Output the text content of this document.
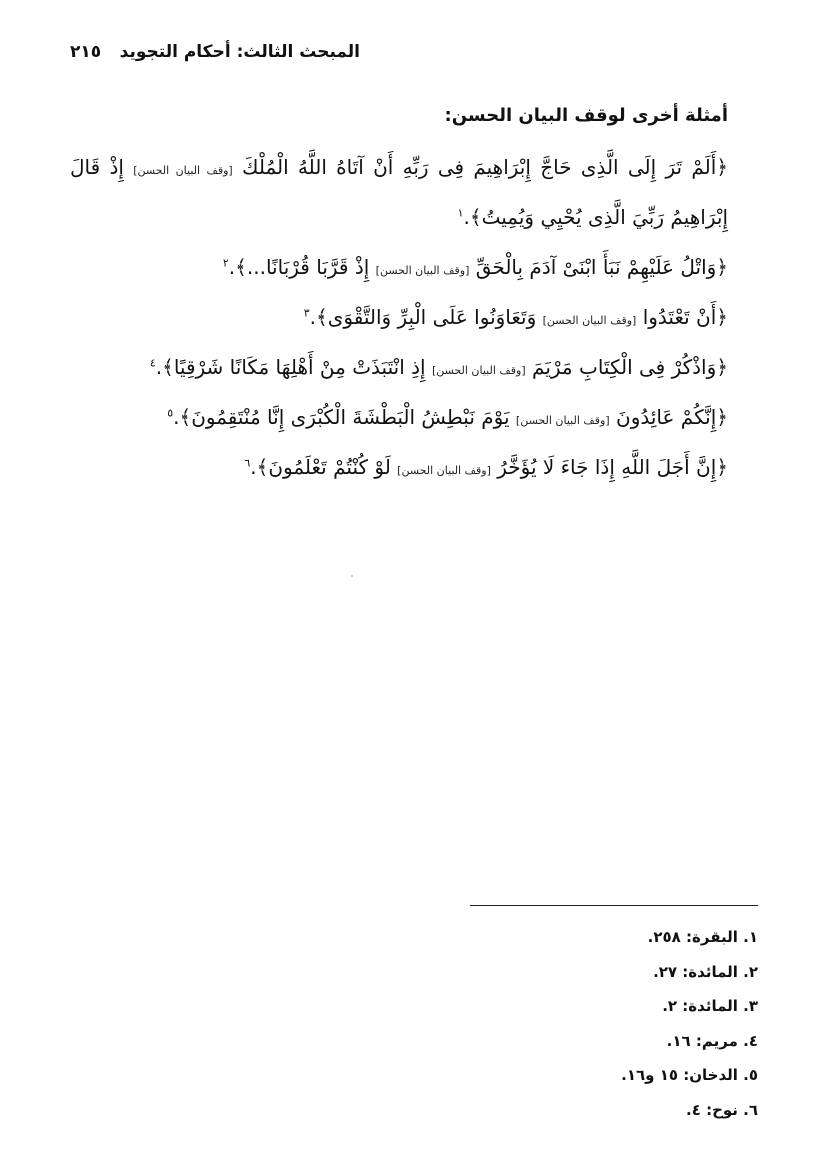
المبحث الثالث: أحكام التجويد
٢١٥

أمثلة أخرى لوقف البيان الحسن:

﴿أَلَمْ تَرَ إِلَى الَّذِى حَاجَّ إِبْرَاهِيمَ فِى رَبِّهِ أَنْ آتَاهُ اللَّهُ الْمُلْكَ [وقف البيان الحسن] إِذْ قَالَ

إِبْرَاهِيمُ رَبِّيَ الَّذِى يُحْيِي وَيُمِيتُ﴾.$^١$

﴿وَاتْلُ عَلَيْهِمْ نَبَأَ ابْنَىْ آدَمَ بِالْحَقِّ [وقف البيان الحسن] إِذْ قَرَّبَا قُرْبَانًا...﴾.$^٢$

﴿أَنْ تَعْتَدُوا [وقف البيان الحسن] وَتَعَاوَنُوا عَلَى الْبِرِّ وَالتَّقْوَى﴾.$^٣$

﴿وَاذْكُرْ فِى الْكِتَابِ مَرْيَمَ [وقف البيان الحسن] إِذِ انْتَبَذَتْ مِنْ أَهْلِهَا مَكَانًا شَرْقِيًا﴾.$^٤$

﴿إِنَّكُمْ عَائِدُونَ [وقف البيان الحسن] يَوْمَ نَبْطِشُ الْبَطْشَةَ الْكُبْرَى إِنَّا مُنْتَقِمُونَ﴾.$^٥$

﴿إِنَّ أَجَلَ اللَّهِ إِذَا جَاءَ لَا يُؤَخَّرُ [وقف البيان الحسن] لَوْ كُنْتُمْ تَعْلَمُونَ﴾.$^٦$

١. البقرة: ٢٥٨.
٢. المائدة: ٢٧.
٣. المائدة: ٢.
٤. مريم: ١٦.
٥. الدخان: ١٥ و١٦.
٦. نوح: ٤.
